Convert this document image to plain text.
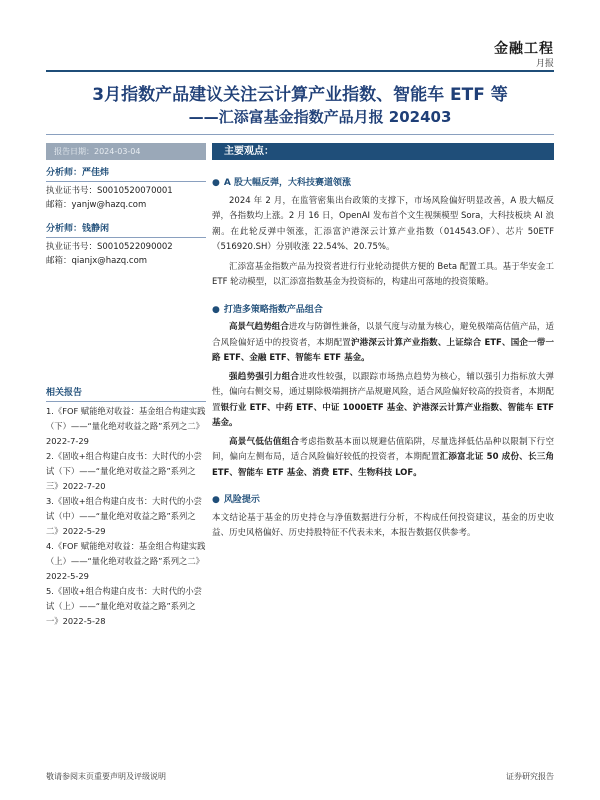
金融工程
月报
3月指数产品建议关注云计算产业指数、智能车 ETF 等
——汇添富基金指数产品月报 202403
报告日期：2024-03-04	主要观点：
分析师：严佳炜
执业证书号：S0010520070001
邮箱：yanjw@hazq.com
分析师：钱静闲
执业证书号：S0010522090002
邮箱：qianjx@hazq.com
相关报告
1.《FOF 赋能绝对收益：基金组合构建实践（下）——“量化绝对收益之路”系列之二》2022-7-29
2.《固收+组合构建白皮书：大时代的小尝试（下）——“量化绝对收益之路”系列之三》2022-7-20
3.《固收+组合构建白皮书：大时代的小尝试（中）——“量化绝对收益之路”系列之二》2022-5-29
4.《FOF 赋能绝对收益：基金组合构建实践（上）——“量化绝对收益之路”系列之二》2022-5-29
5.《固收+组合构建白皮书：大时代的小尝试（上）——“量化绝对收益之路”系列之一》2022-5-28
● A 股大幅反弹，大科技赛道领涨

2024 年 2 月，在监管密集出台政策的支撑下，市场风险偏好明显改善，A 股大幅反弹，各指数均上涨。2 月 16 日，OpenAI 发布首个文生视频模型 Sora，大科技板块 AI 浪潮。在此轮反弹中领涨，汇添富沪港深云计算产业指数（014543.OF）、芯片 50ETF（516920.SH）分别收涨 22.54%、20.75%。

汇添富基金指数产品为投资者进行行业轮动提供方便的 Beta 配置工具。基于华安金工 ETF 轮动模型，以汇添富指数基金为投资标的，构建出可落地的投资策略。

● 打造多策略指数产品组合

高景气趋势组合进攻与防御性兼备，以景气度与动量为核心，避免极端高估值产品，适合风险偏好适中的投资者，本期配置沪港深云计算产业指数、上证综合 ETF、国企一带一路 ETF、金融 ETF、智能车 ETF 基金。

强趋势强引力组合进攻性较强，以跟踪市场热点趋势为核心，辅以强引力指标放大弹性，偏向右侧交易，通过剔除极端拥挤产品规避风险，适合风险偏好较高的投资者，本期配置银行业 ETF、中药 ETF、中证 1000ETF 基金、沪港深云计算产业指数、智能车 ETF 基金。

高景气低估值组合考虑指数基本面以规避估值陷阱，尽量选择低估品种以限制下行空间，偏向左侧布局，适合风险偏好较低的投资者，本期配置汇添富北证 50 成份、长三角 ETF、智能车 ETF 基金、消费 ETF、生物科技 LOF。

● 风险提示

本文结论基于基金的历史持仓与净值数据进行分析，不构成任何投资建议，基金的历史收益、历史风格偏好、历史持股特征不代表未来，本报告数据仅供参考。

敬请参阅末页重要声明及评级说明	证券研究报告
